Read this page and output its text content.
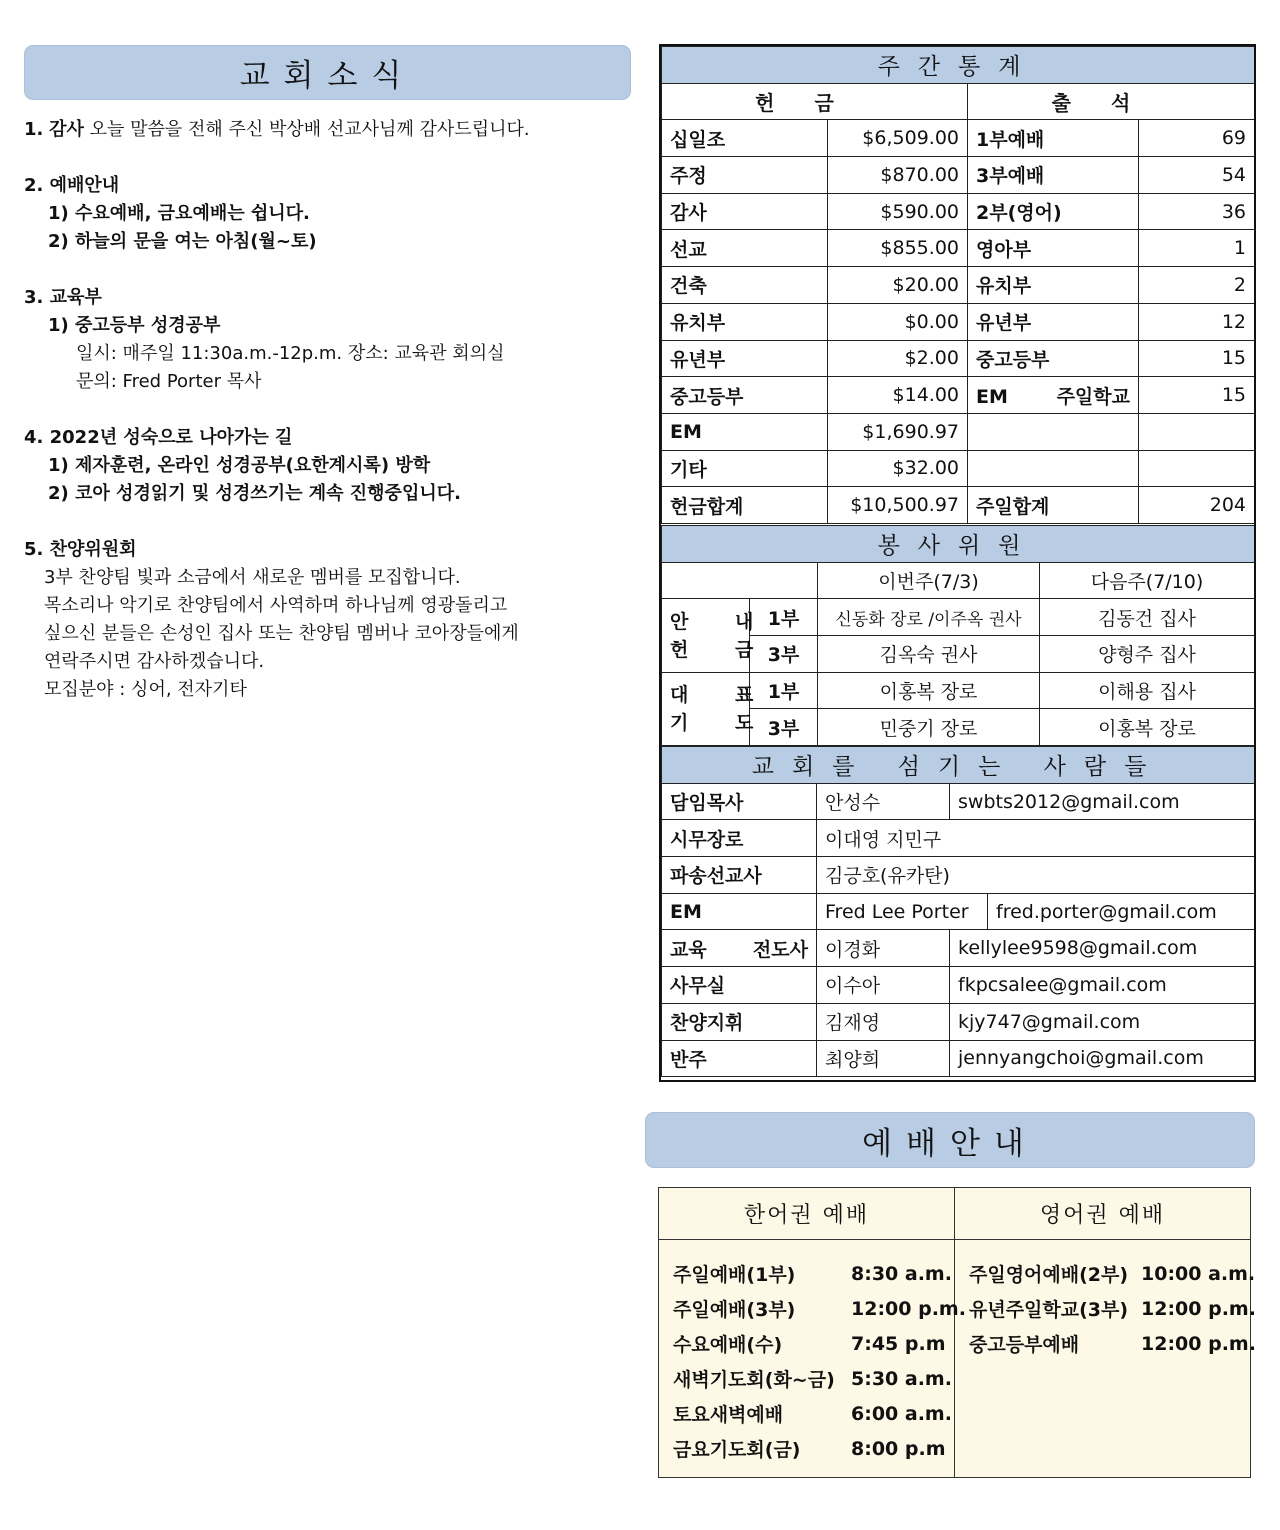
교회소식
1. 감사 오늘 말씀을 전해 주신 박상배 선교사님께 감사드립니다.
2. 예배안내
1) 수요예배, 금요예배는 쉽니다.
2) 하늘의 문을 여는 아침(월~토)
3. 교육부
1) 중고등부 성경공부
일시: 매주일 11:30a.m.-12p.m. 장소: 교육관 회의실
문의: Fred Porter 목사
4. 2022년 성숙으로 나아가는 길
1) 제자훈련, 온라인 성경공부(요한계시록) 방학
2) 코아 성경읽기 및 성경쓰기는 계속 진행중입니다.
5. 찬양위원회
3부 찬양팀 빛과 소금에서 새로운 멤버를 모집합니다.
목소리나 악기로 찬양팀에서 사역하며 하나님께 영광돌리고
싶으신 분들은 손성인 집사 또는 찬양팀 멤버나 코아장들에게
연락주시면 감사하겠습니다.
모집분야 : 싱어, 전자기타
주간통계			
헌금		출석	
십일조	$6,509.00	1부예배	69
주정	$870.00	3부예배	54
감사	$590.00	2부(영어)	36
선교	$855.00	영아부	1
건축	$20.00	유치부	2
유치부	$0.00	유년부	12
유년부	$2.00	중고등부	15
중고등부	$14.00	EM 주일학교	15
EM	$1,690.97		
기타	$32.00		
헌금합계	$10,500.97	주일합계	204
봉사위원			
		이번주(7/3)	다음주(7/10)

안 내
헌 금	1부	신동화 장로 /이주옥 권사	김동건 집사
	3부	김옥숙 권사	양형주 집사

대 표
기 도	1부	이홍복 장로	이해용 집사
	3부	민중기 장로	이홍복 장로
교회를 섬기는 사람들			
담임목사	안성수	swbts2012@gmail.com	
시무장로	이대영 지민구		
파송선교사	김긍호(유카탄)		
EM	Fred Lee Porter		fred.porter@gmail.com
교육 전도사	이경화	kellylee9598@gmail.com	
사무실	이수아	fkpcsalee@gmail.com	
찬양지휘	김재영	kjy747@gmail.com	
반주	최양희	jennyangchoi@gmail.com	
예배안내
한어권 예배
주일예배(1부)	8:30 a.m.
주일예배(3부)	12:00 p.m.
수요예배(수)	7:45 p.m
새벽기도회(화~금) 5:30 a.m.
토요새벽예배	6:00 a.m.
금요기도회(금)	8:00 p.m
영어권 예배
주일영어예배(2부) 10:00 a.m.
유년주일학교(3부) 12:00 p.m.
중고등부예배	12:00 p.m.
